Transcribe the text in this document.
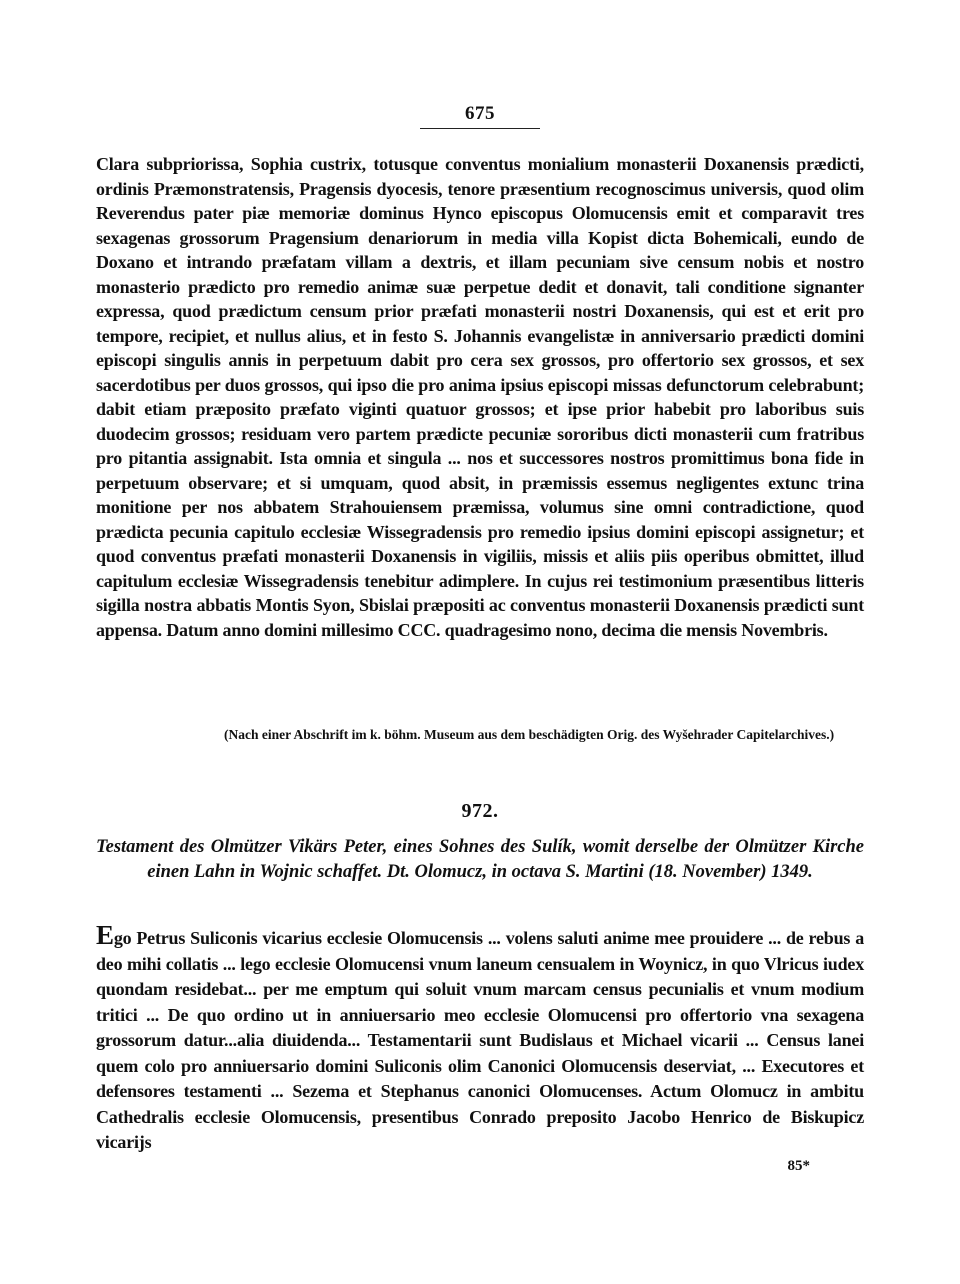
675

Clara subpriorissa, Sophia custrix, totusque conventus monialium monasterii Doxanensis prædicti, ordinis Præmonstratensis, Pragensis dyocesis, tenore præsentium recognoscimus universis, quod olim Reverendus pater piæ memoriæ dominus Hynco episcopus Olomucensis emit et comparavit tres sexagenas grossorum Pragensium denariorum in media villa Kopist dicta Bohemicali, eundo de Doxano et intrando præfatam villam a dextris, et illam pecuniam sive censum nobis et nostro monasterio prædicto pro remedio animæ suæ perpetue dedit et donavit, tali conditione signanter expressa, quod prædictum censum prior præfati monasterii nostri Doxanensis, qui est et erit pro tempore, recipiet, et nullus alius, et in festo S. Johannis evangelistæ in anniversario prædicti domini episcopi singulis annis in perpetuum dabit pro cera sex grossos, pro offertorio sex grossos, et sex sacerdotibus per duos grossos, qui ipso die pro anima ipsius episcopi missas defunctorum celebrabunt; dabit etiam præposito præfato viginti quatuor grossos; et ipse prior habebit pro laboribus suis duodecim grossos; residuam vero partem prædicte pecuniæ sororibus dicti monasterii cum fratribus pro pitantia assignabit. Ista omnia et singula ... nos et successores nostros promittimus bona fide in perpetuum observare; et si umquam, quod absit, in præmissis essemus negligentes extunc trina monitione per nos abbatem Strahouiensem præmissa, volumus sine omni contradictione, quod prædicta pecunia capitulo ecclesiæ Wissegradensis pro remedio ipsius domini episcopi assignetur; et quod conventus præfati monasterii Doxanensis in vigiliis, missis et aliis piis operibus obmittet, illud capitulum ecclesiæ Wissegradensis tenebitur adimplere. In cujus rei testimonium præsentibus litteris sigilla nostra abbatis Montis Syon, Sbislai præpositi ac conventus monasterii Doxanensis prædicti sunt appensa. Datum anno domini millesimo CCC. quadragesimo nono, decima die mensis Novembris.

(Nach einer Abschrift im k. böhm. Museum aus dem beschädigten Orig. des Wyšehrader Capitelarchives.)

972.

Testament des Olmützer Vikärs Peter, eines Sohnes des Sulík, womit derselbe der Olmützer Kirche einen Lahn in Wojnic schaffet. Dt. Olomucz, in octava S. Martini (18. November) 1349.

Ego Petrus Suliconis vicarius ecclesie Olomucensis ... volens saluti anime mee prouidere ... de rebus a deo mihi collatis ... lego ecclesie Olomucensi vnum laneum censualem in Woynicz, in quo Vlricus iudex quondam residebat... per me emptum qui soluit vnum marcam census pecunialis et vnum modium tritici ... De quo ordino ut in anniuersario meo ecclesie Olomucensi pro offertorio vna sexagena grossorum datur...alia diuidenda... Testamentarii sunt Budislaus et Michael vicarii ... Census lanei quem colo pro anniuersario domini Suliconis olim Canonici Olomucensis deserviat, ... Executores et defensores testamenti ... Sezema et Stephanus canonici Olomucenses. Actum Olomucz in ambitu Cathedralis ecclesie Olomucensis, presentibus Conrado preposito Jacobo Henrico de Biskupicz vicarijs

85*
